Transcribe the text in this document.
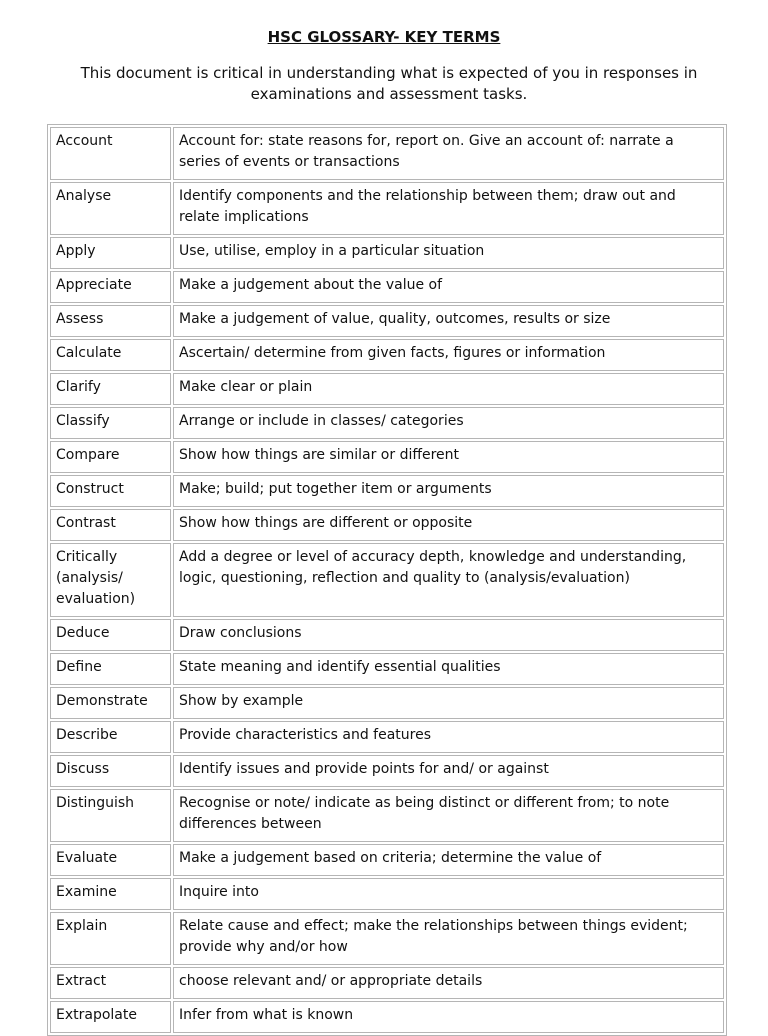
HSC GLOSSARY- KEY TERMS
This document is critical in understanding what is expected of you in responses in examinations and assessment tasks.
Account	Account for: state reasons for, report on. Give an account of: narrate a series of events or transactions
Analyse	Identify components and the relationship between them; draw out and relate implications
Apply	Use, utilise, employ in a particular situation
Appreciate	Make a judgement about the value of
Assess	Make a judgement of value, quality, outcomes, results or size
Calculate	Ascertain/ determine from given facts, figures or information
Clarify	Make clear or plain
Classify	Arrange or include in classes/ categories
Compare	Show how things are similar or different
Construct	Make; build; put together item or arguments
Contrast	Show how things are different or opposite
Critically (analysis/ evaluation)	Add a degree or level of accuracy depth, knowledge and understanding, logic, questioning, reflection and quality to (analysis/evaluation)
Deduce	Draw conclusions
Define	State meaning and identify essential qualities
Demonstrate	Show by example
Describe	Provide characteristics and features
Discuss	Identify issues and provide points for and/ or against
Distinguish	Recognise or note/ indicate as being distinct or different from; to note differences between
Evaluate	Make a judgement based on criteria; determine the value of
Examine	Inquire into
Explain	Relate cause and effect; make the relationships between things evident; provide why and/or how
Extract	choose relevant and/ or appropriate details
Extrapolate	Infer from what is known
